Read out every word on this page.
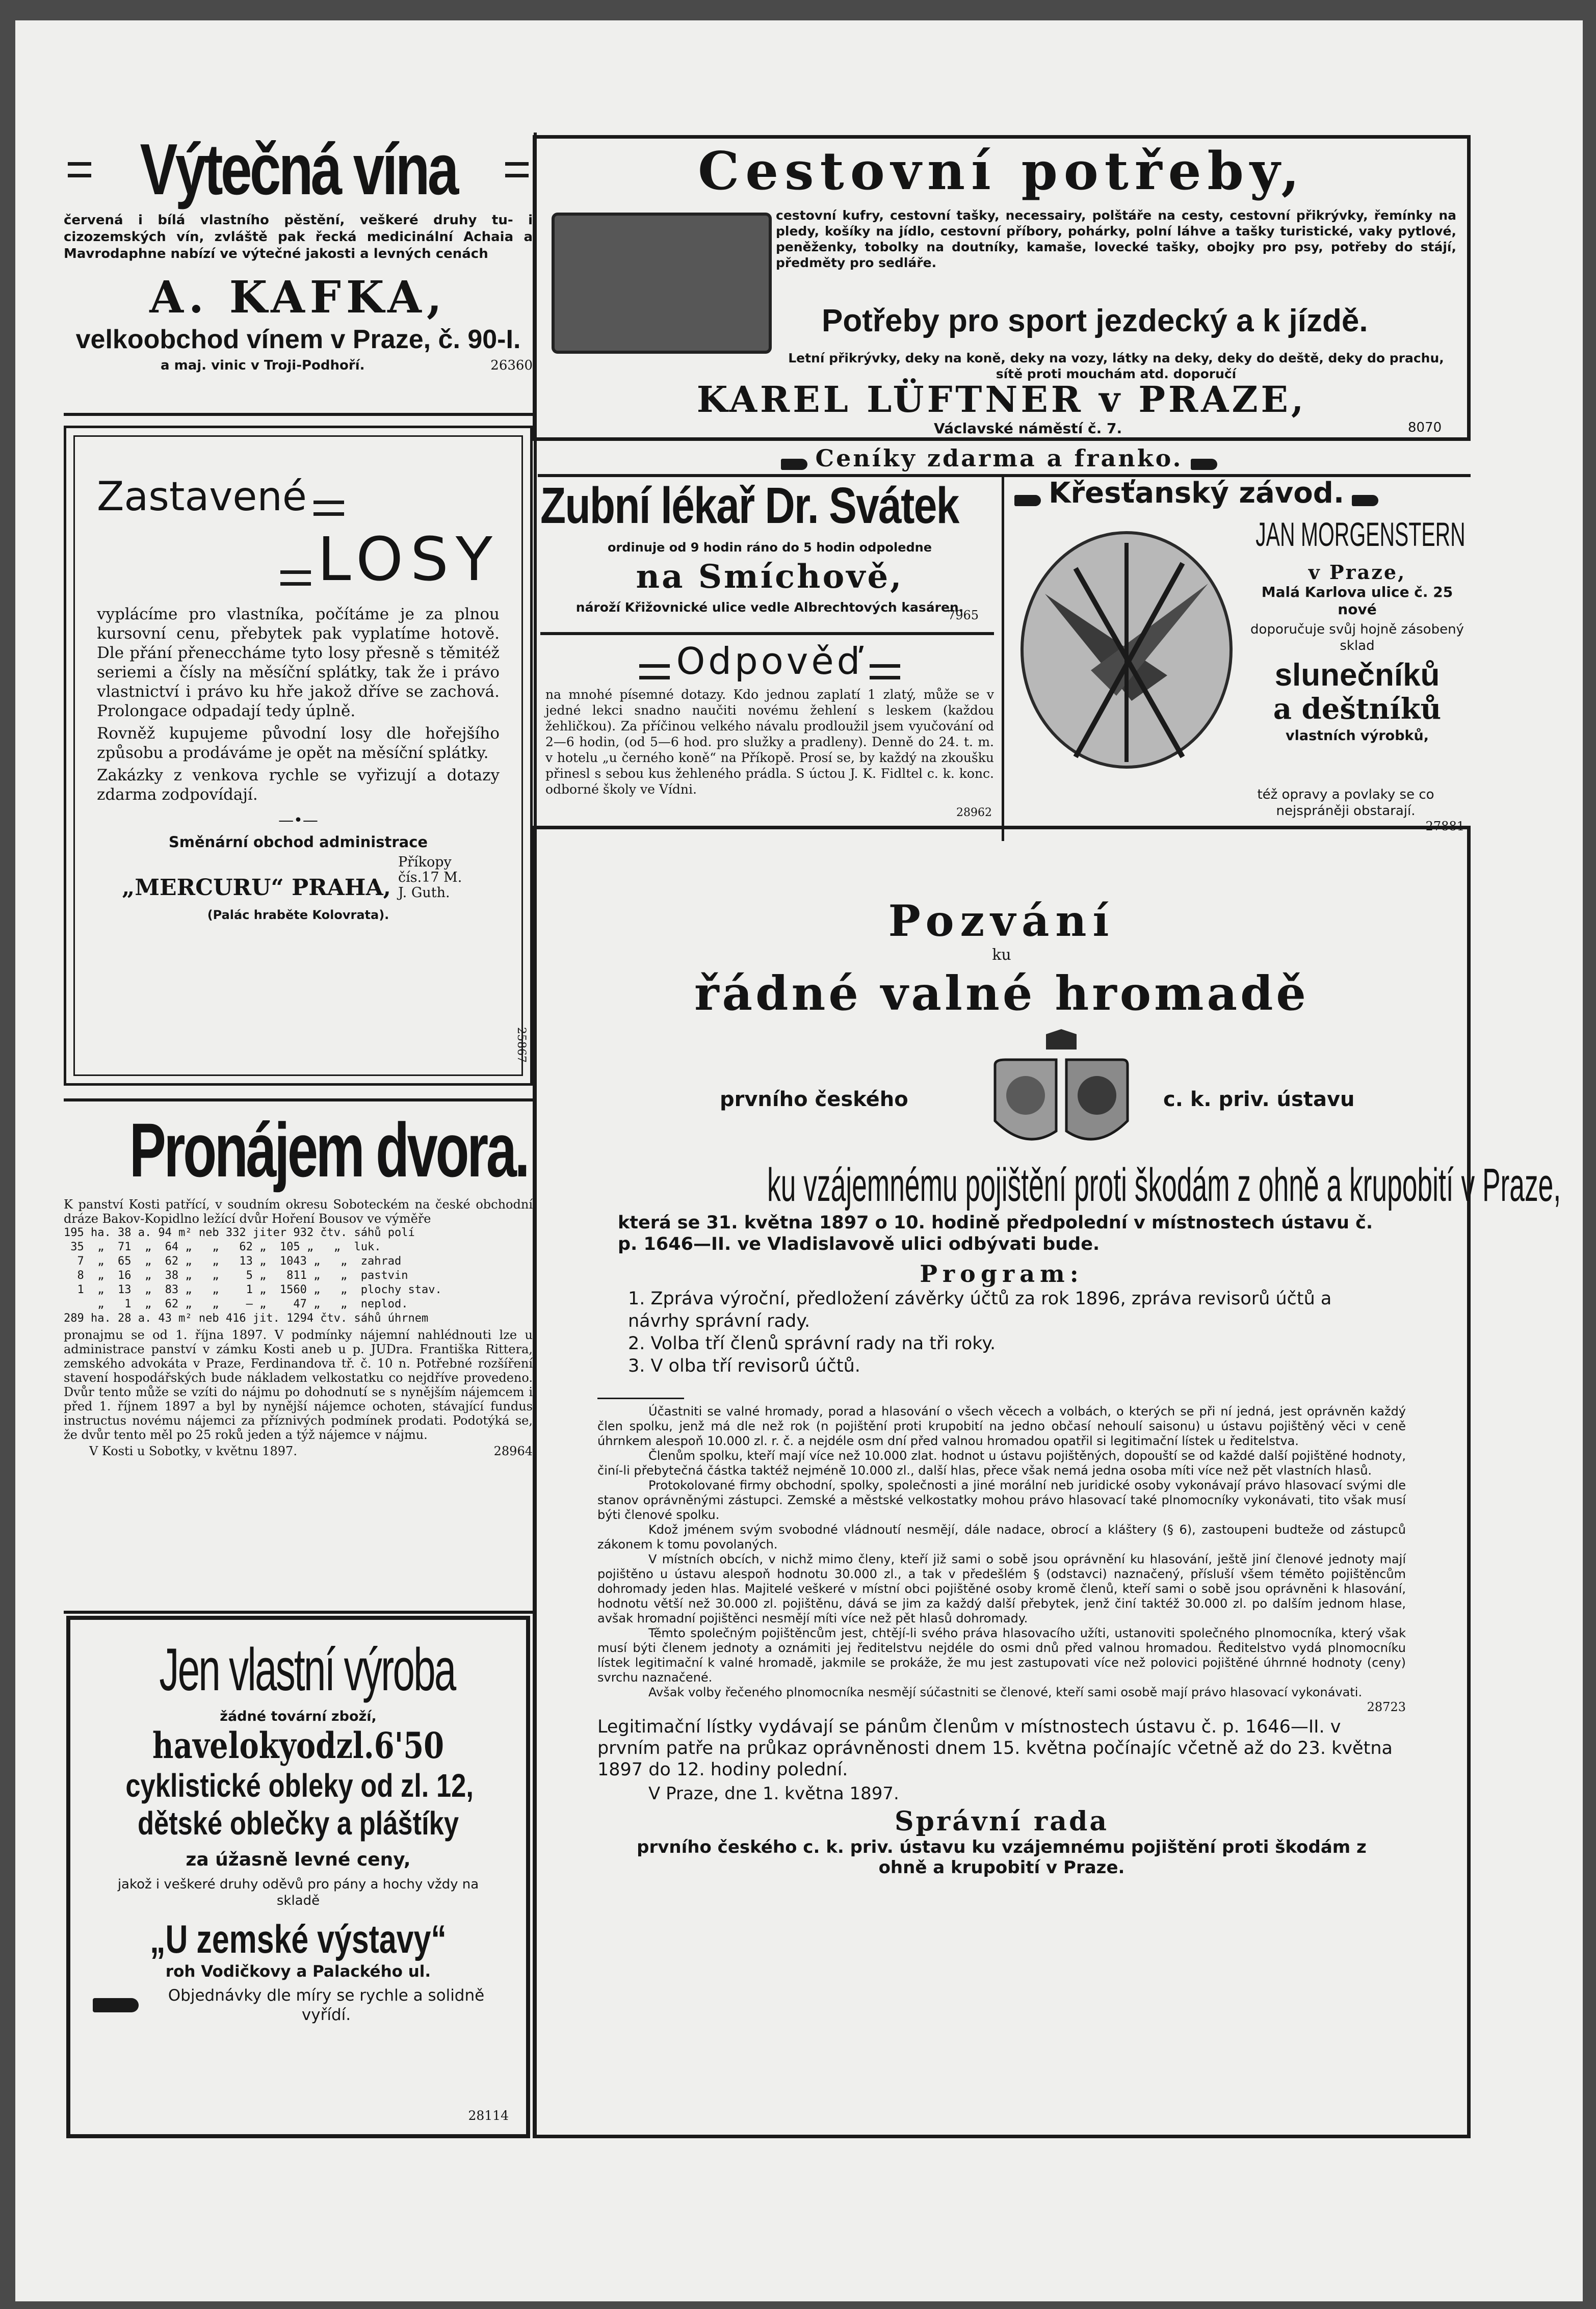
Výtečná vína
červená i bílá vlastního pěstění, veškeré druhy tu- i cizozemských vín, zvláště pak řecká medicinální Achaia a Mavrodaphne nabízí ve výtečné jakosti a levných cenách
A. KAFKA,
velkoobchod vínem v Praze, č. 90-I.
a maj. vinic v Troji-Podhoří.	26360
Cestovní potřeby,
cestovní kufry, cestovní tašky, necessairy, polštáře na cesty, cestovní přikrývky, řemínky na pledy, košíky na jídlo, cestovní příbory, pohárky, polní láhve a tašky turistické, vaky pytlové, peněženky, tobolky na doutníky, kamaše, lovecké tašky, obojky pro psy, potřeby do stájí, předměty pro sedláře.
Potřeby pro sport jezdecký a k jízdě.
Letní přikrývky, deky na koně, deky na vozy, látky na deky, deky do deště, deky do prachu, sítě proti mouchám atd. doporučí
KAREL LÜFTNER v PRAZE,
Václavské náměstí č. 7.	8070
Ceníky zdarma a franko.
Zastavené
LOSY
vyplácíme pro vlastníka, počítáme je za plnou kursovní cenu, přebytek pak vyplatíme hotově. Dle přání přeneccháme tyto losy přesně s těmitéž seriemi a čísly na měsíční splátky, tak že i právo vlastnictví i právo ku hře jakož dříve se zachová. Prolongace odpadají tedy úplně.
Rovněž kupujeme původní losy dle hořejšího způsobu a prodáváme je opět na měsíční splátky.
Zakázky z venkova rychle se vyřizují a dotazy zdarma zodpovídají.
—•—
Směnární obchod administrace
„MERCURU“ PRAHA,
Příkopy čís.17 M. J. Guth.
(Palác hraběte Kolovrata).
25867
Zubní lékař Dr. Svátek
ordinuje od 9 hodin ráno do 5 hodin odpoledne
na Smíchově,
nároží Křižovnické ulice vedle Albrechtových kasáren.
7965
Odpověď
na mnohé písemné dotazy. Kdo jednou zaplatí 1 zlatý, může se v jedné lekci snadno naučiti novému žehlení s leskem (každou žehličkou). Za příčinou velkého návalu prodloužil jsem vyučování od 2—6 hodin, (od 5—6 hod. pro služky a pradleny). Denně do 24. t. m. v hotelu „u černého koně“ na Příkopě. Prosí se, by každý na zkoušku přinesl s sebou kus žehleného prádla. S úctou J. K. Fidltel c. k. konc. odborné školy ve Vídni.
28962
Křesťanský závod.
JAN MORGENSTERN
v Praze,
Malá Karlova ulice č. 25 nové
doporučuje svůj hojně zásobený sklad
slunečníků
a deštníků
vlastních výrobků,
též opravy a povlaky se co nejspráněji obstarají.
27881
Pronájem dvora.
K panství Kosti patřící, v soudním okresu Soboteckém na české obchodní dráze Bakov-Kopidlno ležící dvůr Hoření Bousov ve výměře
195 ha. 38 a. 94 m² neb 332 jiter 932 čtv. sáhů polí
35  „  71  „  64 „   „   62 „  105 „   „  luk.
7  „  65  „  62 „   „   13 „  1043 „   „  zahrad
8  „  16  „  38 „   „    5 „   811 „   „  pastvin
1  „  13  „  83 „   „    1 „  1560 „   „  plochy stav.
„   1  „  62 „   „    — „    47 „   „  neplod.
289 ha. 28 a. 43 m² neb 416 jit. 1294 čtv. sáhů úhrnem
pronajmu se od 1. října 1897. V podmínky nájemní nahlédnouti lze u administrace panství v zámku Kosti aneb u p. JUDra. Františka Rittera, zemského advokáta v Praze, Ferdinandova tř. č. 10 n. Potřebné rozšíření stavení hospodářských bude nákladem velkostatku co nejdříve provedeno. Dvůr tento může se vzíti do nájmu po dohodnutí se s nynějším nájemcem i před 1. říjnem 1897 a byl by nynější nájemce ochoten, stávající fundus instructus novému nájemci za příznivých podmínek prodati. Podotýká se, že dvůr tento měl po 25 roků jeden a týž nájemce v nájmu.
V Kosti u Sobotky, v květnu 1897.	28964
Jen vlastní výroba
žádné tovární zboží,
havelokyodzl.6'50
cyklistické obleky od zl. 12,
dětské oblečky a pláštíky
za úžasně levné ceny,
jakož i veškeré druhy oděvů pro pány a hochy vždy na skladě
„U zemské výstavy“
roh Vodičkovy a Palackého ul.
Objednávky dle míry se rychle a solidně vyřídí.
28114
Pozvání
ku
řádné valné hromadě
prvního českého	c. k. priv. ústavu
ku vzájemnému pojištění proti škodám z ohně a krupobití v Praze,
která se 31. května 1897 o 10. hodině předpolední v místnostech ústavu č. p. 1646—II. ve Vladislavově ulici odbývati bude.
Program:
1. Zpráva výroční, předložení závěrky účtů za rok 1896, zpráva revisorů účtů a návrhy správní rady.
2. Volba tří členů správní rady na tři roky.
3. V olba tří revisorů účtů.
Účastniti se valné hromady, porad a hlasování o všech věcech a volbách, o kterých se při ní jedná, jest oprávněn každý člen spolku, jenž má dle než rok (n pojištění proti krupobití na jedno občasí nehoulí saisonu) u ústavu pojištěný věci v ceně úhrnkem alespoň 10.000 zl. r. č. a nejdéle osm dní před valnou hromadou opatřil si legitimační lístek u ředitelstva.
Členům spolku, kteří mají více než 10.000 zlat. hodnot u ústavu pojištěných, dopouští se od každé další pojištěné hodnoty, činí-li přebytečná částka taktéž nejméně 10.000 zl., další hlas, přece však nemá jedna osoba míti více než pět vlastních hlasů.
Protokolované firmy obchodní, spolky, společnosti a jiné morální neb juridické osoby vykonávají právo hlasovací svými dle stanov oprávněnými zástupci. Zemské a městské velkostatky mohou právo hlasovací také plnomocníky vykonávati, tito však musí býti členové spolku.
Kdož jménem svým svobodné vládnoutí nesmějí, dále nadace, obrocí a kláštery (§ 6), zastoupeni budteže od zástupců zákonem k tomu povolaných.
V místních obcích, v nichž mimo členy, kteří již sami o sobě jsou oprávnění ku hlasování, ještě jiní členové jednoty mají pojištěno u ústavu alespoň hodnotu 30.000 zl., a tak v předešlém § (odstavci) naznačený, přísluší všem téměto pojištěncům dohromady jeden hlas. Majitelé veškeré v místní obci pojištěné osoby kromě členů, kteří sami o sobě jsou oprávněni k hlasování, hodnotu větší než 30.000 zl. pojištěnu, dává se jim za každý další přebytek, jenž činí taktéž 30.000 zl. po dalším jednom hlase, avšak hromadní pojištěnci nesmějí míti více než pět hlasů dohromady.
Těmto společným pojištěncům jest, chtějí-li svého práva hlasovacího užíti, ustanoviti společného plnomocníka, který však musí býti členem jednoty a oznámiti jej ředitelstvu nejdéle do osmi dnů před valnou hromadou. Ředitelstvo vydá plnomocníku lístek legitimační k valné hromadě, jakmile se prokáže, že mu jest zastupovati více než polovici pojištěné úhrnné hodnoty (ceny) svrchu naznačené.
Avšak volby řečeného plnomocníka nesmějí súčastniti se členové, kteří sami osobě mají právo hlasovací vykonávati.
28723
Legitimační lístky vydávají se pánům členům v místnostech ústavu č. p. 1646—II. v prvním patře na průkaz oprávněnosti dnem 15. května počínajíc včetně až do 23. května 1897 do 12. hodiny polední.
V Praze, dne 1. května 1897.
Správní rada
prvního českého c. k. priv. ústavu ku vzájemnému pojištění proti škodám z ohně a krupobití v Praze.
